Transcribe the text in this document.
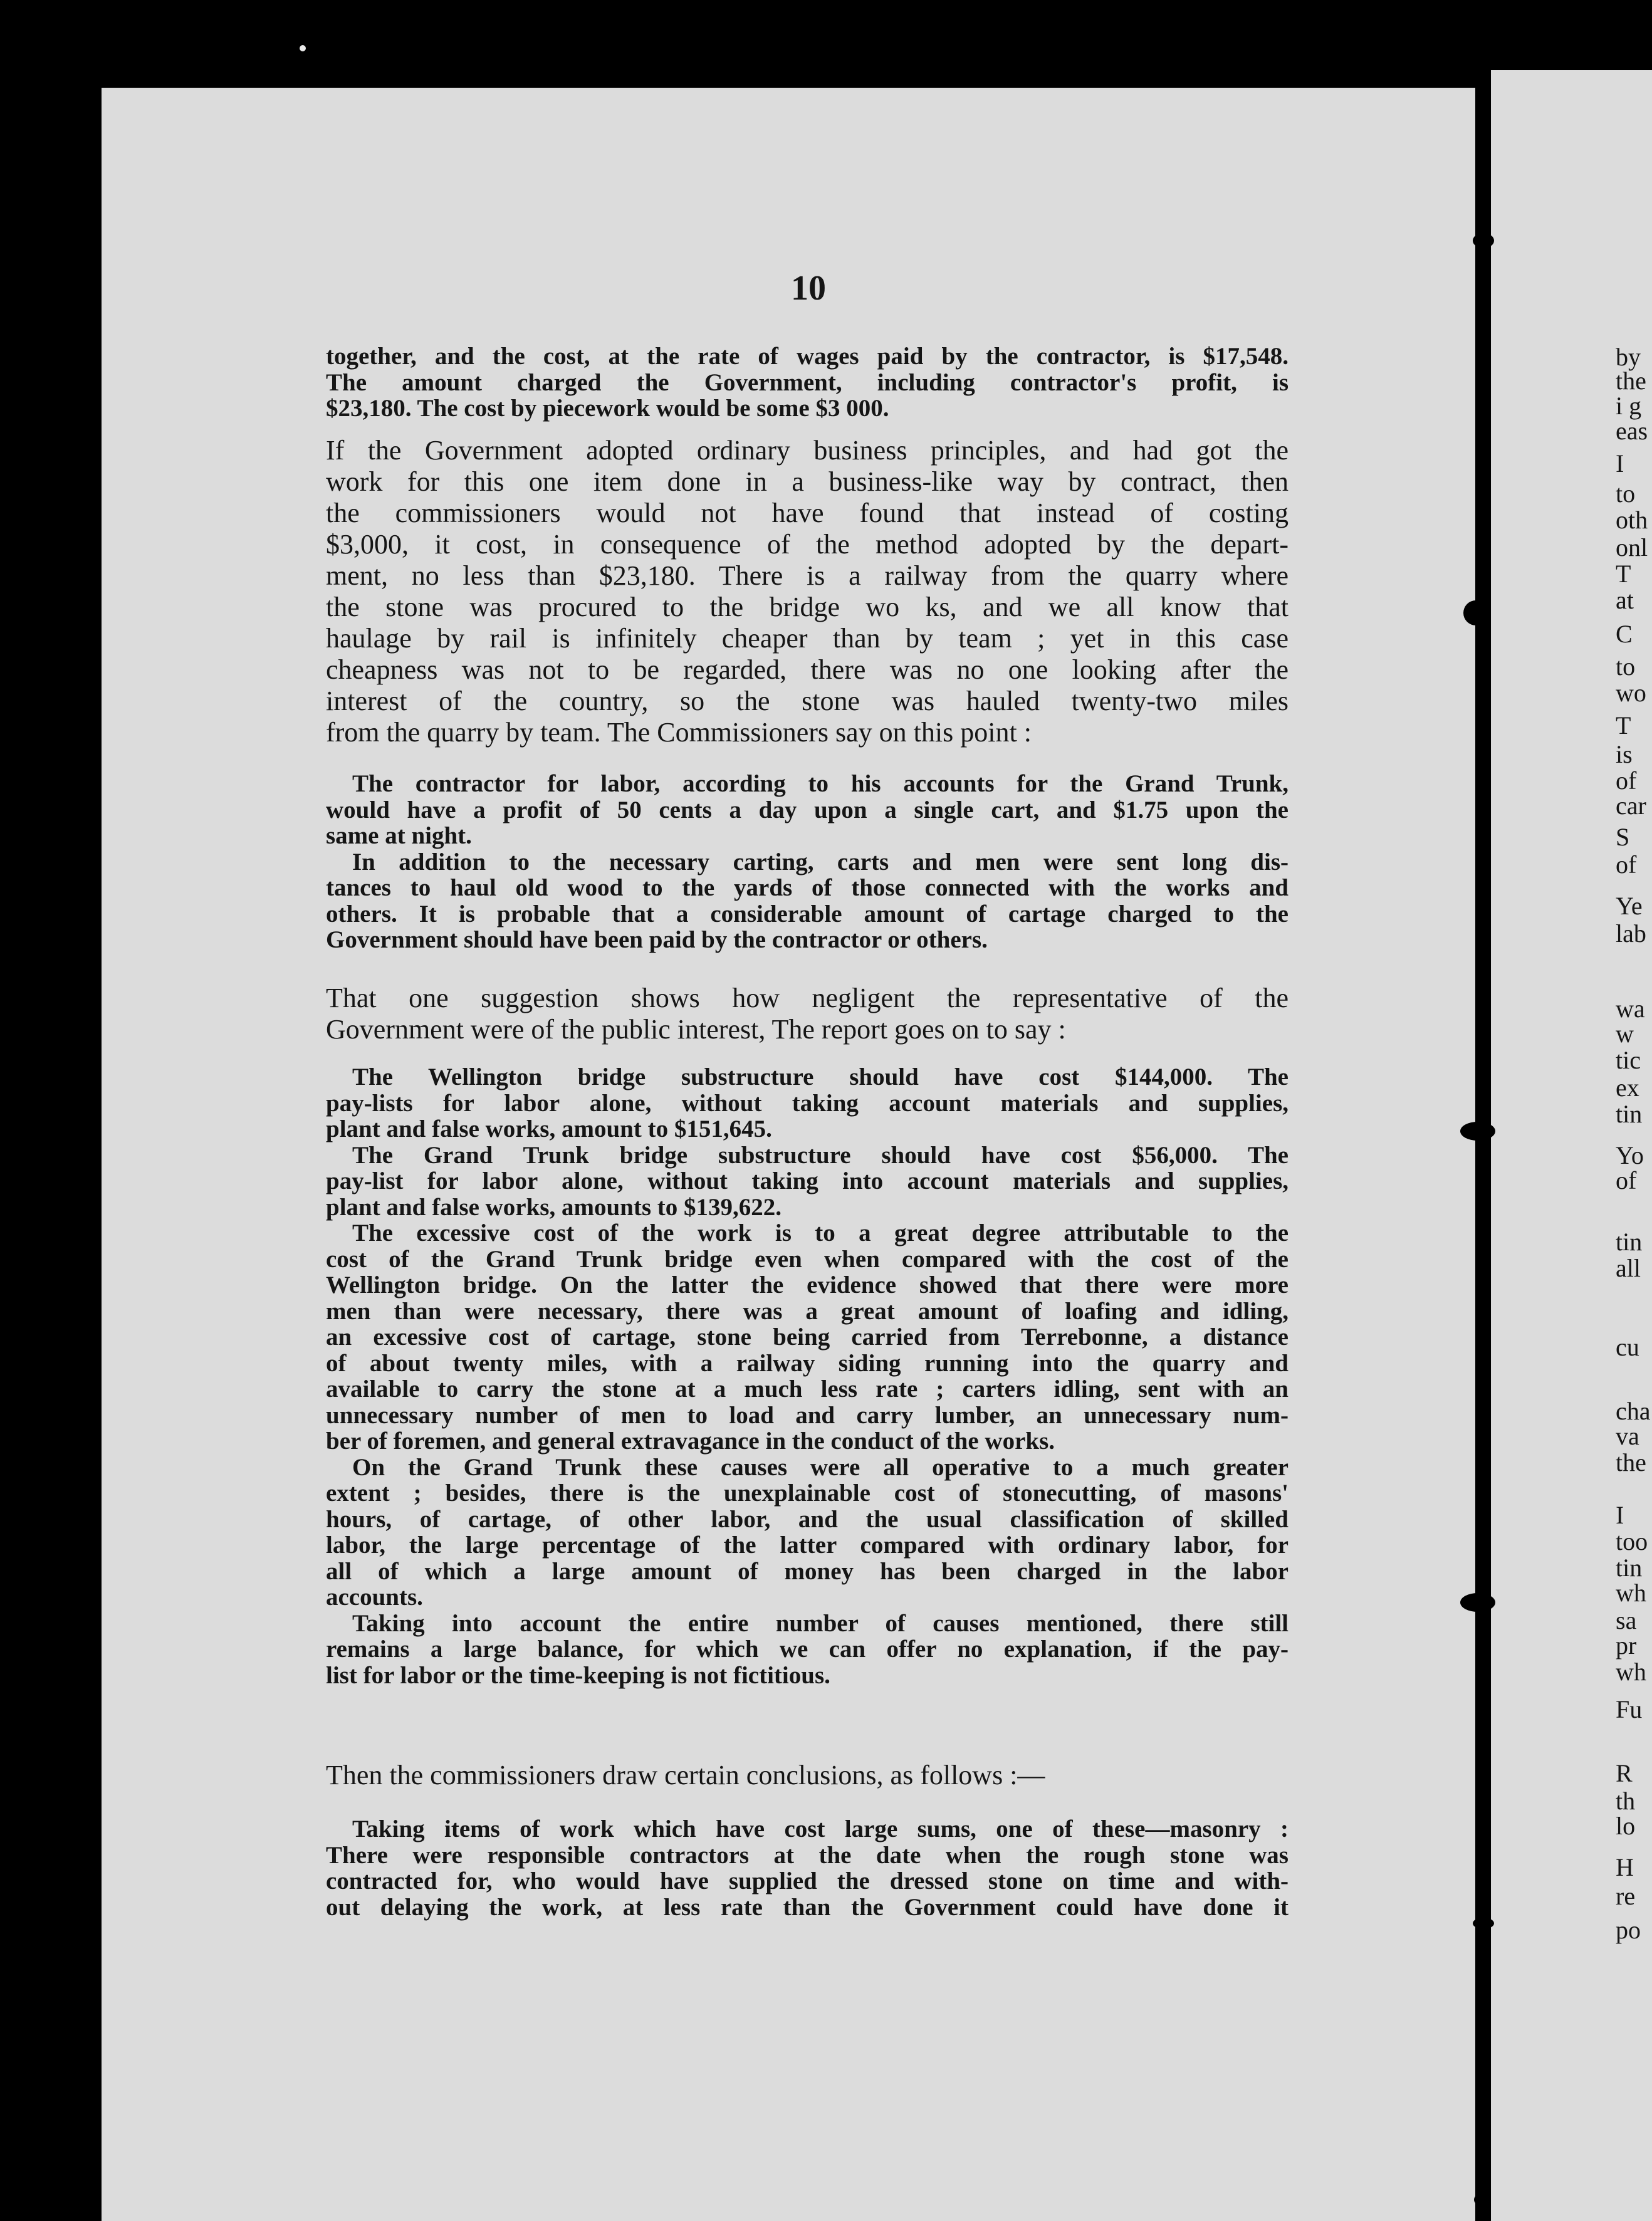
10
together, and the cost, at the rate of wages paid by the contractor, is $17,548.
The amount charged the Government, including contractor's profit, is
$23,180. The cost by piecework would be some $3 000.
If the Government adopted ordinary business principles, and had got the
work for this one item done in a business-like way by contract, then
the commissioners would not have found that instead of costing
$3,000, it cost, in consequence of the method adopted by the depart-
ment, no less than $23,180. There is a railway from the quarry where
the stone was procured to the bridge wo ks, and we all know that
haulage by rail is infinitely cheaper than by team ; yet in this case
cheapness was not to be regarded, there was no one looking after the
interest of the country, so the stone was hauled twenty-two miles
from the quarry by team. The Commissioners say on this point :
The contractor for labor, according to his accounts for the Grand Trunk,
would have a profit of 50 cents a day upon a single cart, and $1.75 upon the
same at night.
In addition to the necessary carting, carts and men were sent long dis-
tances to haul old wood to the yards of those connected with the works and
others. It is probable that a considerable amount of cartage charged to the
Government should have been paid by the contractor or others.
That one suggestion shows how negligent the representative of the
Government were of the public interest, The report goes on to say :
The Wellington bridge substructure should have cost $144,000. The
pay-lists for labor alone, without taking account materials and supplies,
plant and false works, amount to $151,645.
The Grand Trunk bridge substructure should have cost $56,000. The
pay-list for labor alone, without taking into account materials and supplies,
plant and false works, amounts to $139,622.
The excessive cost of the work is to a great degree attributable to the
cost of the Grand Trunk bridge even when compared with the cost of the
Wellington bridge. On the latter the evidence showed that there were more
men than were necessary, there was a great amount of loafing and idling,
an excessive cost of cartage, stone being carried from Terrebonne, a distance
of about twenty miles, with a railway siding running into the quarry and
available to carry the stone at a much less rate ; carters idling, sent with an
unnecessary number of men to load and carry lumber, an unnecessary num-
ber of foremen, and general extravagance in the conduct of the works.
On the Grand Trunk these causes were all operative to a much greater
extent ; besides, there is the unexplainable cost of stonecutting, of masons'
hours, of cartage, of other labor, and the usual classification of skilled
labor, the large percentage of the latter compared with ordinary labor, for
all of which a large amount of money has been charged in the labor
accounts.
Taking into account the entire number of causes mentioned, there still
remains a large balance, for which we can offer no explanation, if the pay-
list for labor or the time-keeping is not fictitious.
Then the commissioners draw certain conclusions, as follows :—
Taking items of work which have cost large sums, one of these—masonry :
There were responsible contractors at the date when the rough stone was
contracted for, who would have supplied the dressed stone on time and with-
out delaying the work, at less rate than the Government could have done it
by
the
i g
eas
I
to
oth
onl
T
at
C
to
wo
T
is
of
car
S
of
Ye
lab
wa
w
tic
ex
tin
Yo
of
tin
all
cu
cha
va
the
I
too
tin
wh
sa
pr
wh
Fu
R
th
lo
H
re
po
